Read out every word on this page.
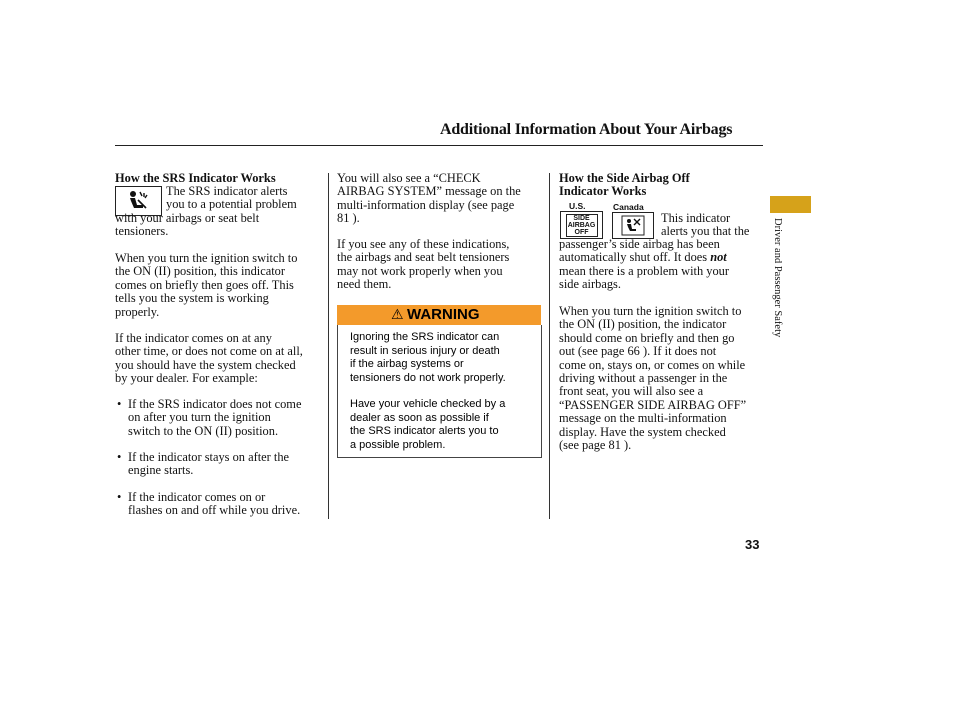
Additional Information About Your Airbags
How the SRS Indicator Works
The SRS indicator alerts
you to a potential problem
with your airbags or seat belt
tensioners.
When you turn the ignition switch to
the ON (II) position, this indicator
comes on briefly then goes off. This
tells you the system is working
properly.
If the indicator comes on at any
other time, or does not come on at all,
you should have the system checked
by your dealer. For example:
• If the SRS indicator does not come
on after you turn the ignition
switch to the ON (II) position.
• If the indicator stays on after the
engine starts.
• If the indicator comes on or
flashes on and off while you drive.
You will also see a “CHECK
AIRBAG SYSTEM” message on the
multi-information display (see page
81 ).
If you see any of these indications,
the airbags and seat belt tensioners
may not work properly when you
need them.
⚠ WARNING
Ignoring the SRS indicator can
result in serious injury or death
if the airbag systems or
tensioners do not work properly.
Have your vehicle checked by a
dealer as soon as possible if
the SRS indicator alerts you to
a possible problem.
How the Side Airbag Off
Indicator Works
U.S.	Canada
SIDE
AIRBAG
OFF
This indicator
alerts you that the
passenger’s side airbag has been
automatically shut off. It does not
mean there is a problem with your
side airbags.
When you turn the ignition switch to
the ON (II) position, the indicator
should come on briefly and then go
out (see page 66 ). If it does not
come on, stays on, or comes on while
driving without a passenger in the
front seat, you will also see a
“PASSENGER SIDE AIRBAG OFF”
message on the multi-information
display. Have the system checked
(see page 81 ).
Driver and Passenger Safety
33
